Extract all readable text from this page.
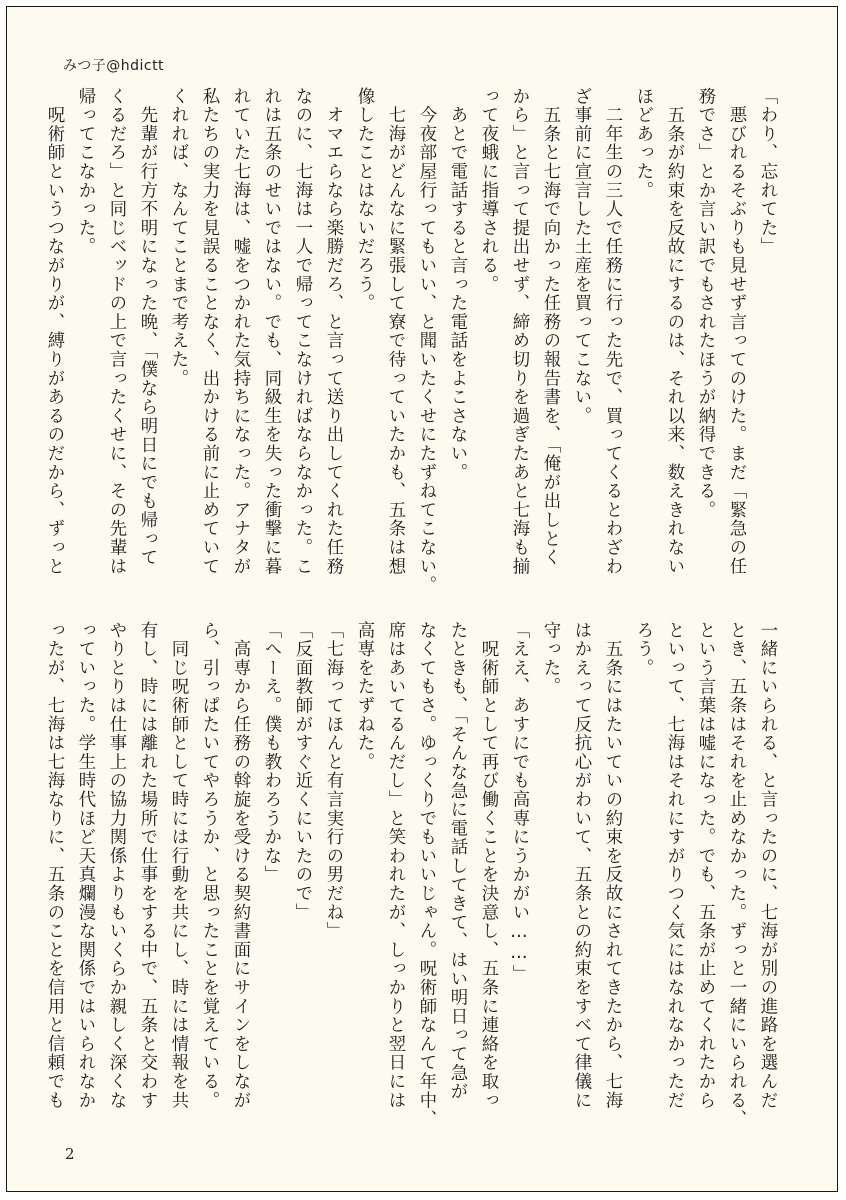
みつ子@hdictt

「わり、忘れてた」

　悪びれるそぶりも見せず言ってのけた。まだ「緊急の任

務でさ」とか言い訳でもされたほうが納得できる。

　五条が約束を反故にするのは、それ以来、数えきれない

ほどあった。

　二年生の三人で任務に行った先で、買ってくるとわざわ

ざ事前に宣言した土産を買ってこない。

　五条と七海で向かった任務の報告書を、「俺が出しとく

から」と言って提出せず、締め切りを過ぎたあと七海も揃

って夜蛾に指導される。

　あとで電話すると言った電話をよこさない。

　今夜部屋行ってもいい、と聞いたくせにたずねてこない。

　七海がどんなに緊張して寮で待っていたかも、五条は想

像したことはないだろう。

　オマエらなら楽勝だろ、と言って送り出してくれた任務

なのに、七海は一人で帰ってこなければならなかった。こ

れは五条のせいではない。でも、同級生を失った衝撃に暮

れていた七海は、嘘をつかれた気持ちになった。アナタが

私たちの実力を見誤ることなく、出かける前に止めていて

くれれば、なんてことまで考えた。

　先輩が行方不明になった晩、「僕なら明日にでも帰って

くるだろ」と同じベッドの上で言ったくせに、その先輩は

帰ってこなかった。

　呪術師というつながりが、縛りがあるのだから、ずっと

一緒にいられる、と言ったのに、七海が別の進路を選んだ

とき、五条はそれを止めなかった。ずっと一緒にいられる、

という言葉は嘘になった。でも、五条が止めてくれたから

といって、七海はそれにすがりつく気にはなれなかっただ

ろう。

　五条にはたいていの約束を反故にされてきたから、七海

はかえって反抗心がわいて、五条との約束をすべて律儀に

守った。

「ええ、あすにでも高専にうかがい……」

　呪術師として再び働くことを決意し、五条に連絡を取っ

たときも、「そんな急に電話してきて、はい明日って急が

なくてもさ。ゆっくりでもいいじゃん。呪術師なんて年中、

席はあいてるんだし」と笑われたが、しっかりと翌日には

高専をたずねた。

「七海ってほんと有言実行の男だね」

「反面教師がすぐ近くにいたので」

「へーえ。僕も教わろうかな」

　高専から任務の斡旋を受ける契約書面にサインをしなが

ら、引っぱたいてやろうか、と思ったことを覚えている。

　同じ呪術師として時には行動を共にし、時には情報を共

有し、時には離れた場所で仕事をする中で、五条と交わす

やりとりは仕事上の協力関係よりもいくらか親しく深くな

っていった。学生時代ほど天真爛漫な関係ではいられなか

ったが、七海は七海なりに、五条のことを信用と信頼でも

2
